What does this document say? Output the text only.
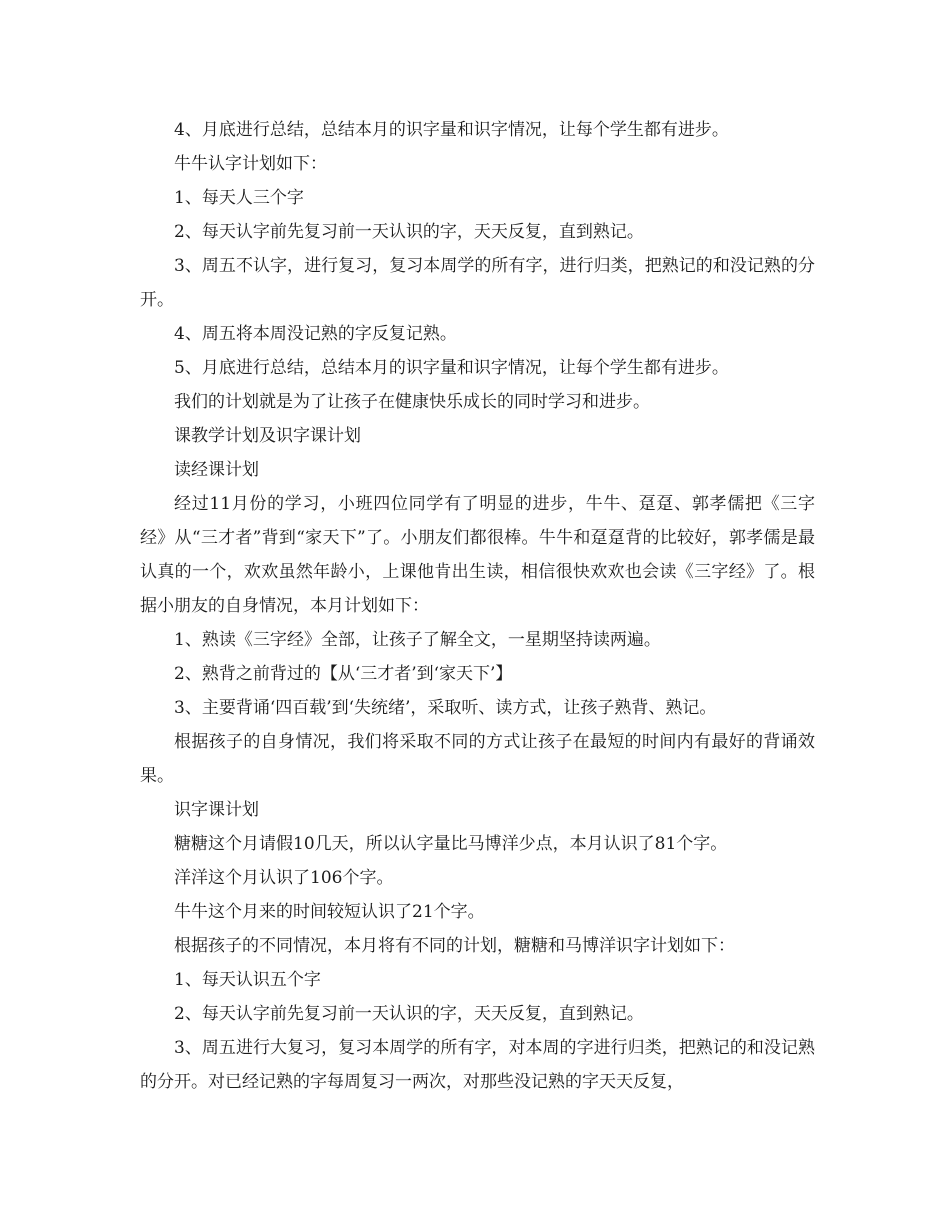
4、月底进行总结，总结本月的识字量和识字情况，让每个学生都有进步。

牛牛认字计划如下：

1、每天人三个字

2、每天认字前先复习前一天认识的字，天天反复，直到熟记。

3、周五不认字，进行复习，复习本周学的所有字，进行归类，把熟记的和没记熟的分开。

4、周五将本周没记熟的字反复记熟。

5、月底进行总结，总结本月的识字量和识字情况，让每个学生都有进步。

我们的计划就是为了让孩子在健康快乐成长的同时学习和进步。

课教学计划及识字课计划

读经课计划

经过11月份的学习，小班四位同学有了明显的进步，牛牛、趸趸、郭孝儒把《三字经》从“三才者”背到“家天下”了。小朋友们都很棒。牛牛和趸趸背的比较好，郭孝儒是最认真的一个，欢欢虽然年龄小，上课他肯出生读，相信很快欢欢也会读《三字经》了。根据小朋友的自身情况，本月计划如下：

1、熟读《三字经》全部，让孩子了解全文，一星期坚持读两遍。

2、熟背之前背过的【从‘三才者’到‘家天下’】

3、主要背诵‘四百载’到‘失统绪’，采取听、读方式，让孩子熟背、熟记。

根据孩子的自身情况，我们将采取不同的方式让孩子在最短的时间内有最好的背诵效果。

识字课计划

糖糖这个月请假10几天，所以认字量比马博洋少点，本月认识了81个字。

洋洋这个月认识了106个字。

牛牛这个月来的时间较短认识了21个字。

根据孩子的不同情况，本月将有不同的计划，糖糖和马博洋识字计划如下：

1、每天认识五个字

2、每天认字前先复习前一天认识的字，天天反复，直到熟记。

3、周五进行大复习，复习本周学的所有字，对本周的字进行归类，把熟记的和没记熟的分开。对已经记熟的字每周复习一两次，对那些没记熟的字天天反复，
